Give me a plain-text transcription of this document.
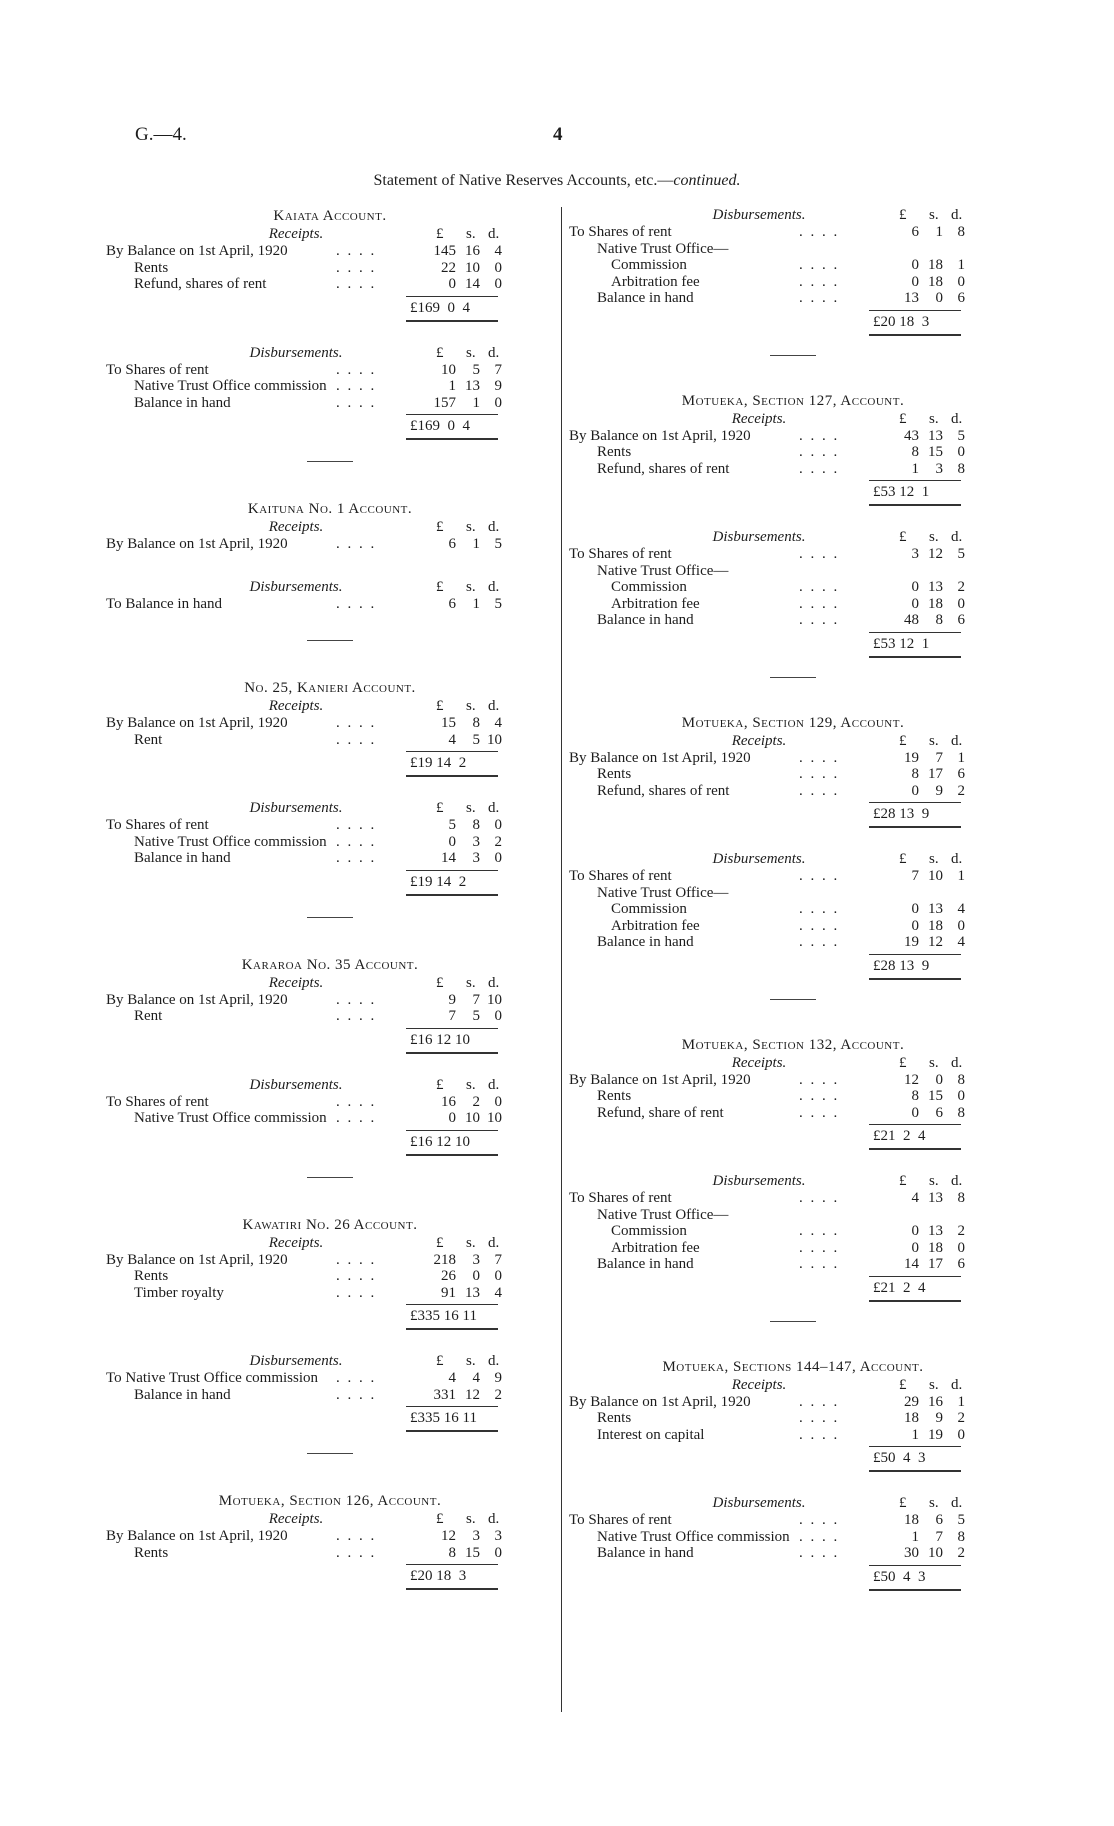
G.—4.	4
Statement of Native Reserves Accounts, etc.—continued.
Kaiata Account.
Receipts.	£ s. d.
By Balance on 1st April, 1920	. . . .	145 16 4
Rents	. . . .	22 10 0
Refund, shares of rent	. . . .	0 14 0
£169  0  4
Disbursements.	£ s. d.
To Shares of rent	. . . .	10 5 7
Native Trust Office commission . . . .	1 13 9
Balance in hand	. . . .	157 1 0
£169  0  4
Kaituna No. 1 Account.
Receipts.	£ s. d.
By Balance on 1st April, 1920	. . . .	6 1 5
Disbursements.	£ s. d.
To Balance in hand	. . . .	6 1 5
No. 25, Kanieri Account.
Receipts.	£ s. d.
By Balance on 1st April, 1920	. . . .	15 8 4
Rent	. . . .	4 5 10
£19 14  2
Disbursements.	£ s. d.
To Shares of rent	. . . .	5 8 0
Native Trust Office commission . . . .	0 3 2
Balance in hand	. . . .	14 3 0
£19 14  2
Kararoa No. 35 Account.
Receipts.	£ s. d.
By Balance on 1st April, 1920	. . . .	9 7 10
Rent	. . . .	7 5 0
£16 12 10
Disbursements.	£ s. d.
To Shares of rent	. . . .	16 2 0
Native Trust Office commission . . . .	0 10 10
£16 12 10
Kawatiri No. 26 Account.
Receipts.	£ s. d.
By Balance on 1st April, 1920	. . . .	218 3 7
Rents	. . . .	26 0 0
Timber royalty	. . . .	91 13 4
£335 16 11
Disbursements.	£ s. d.
To Native Trust Office commission . . . .	4 4 9
Balance in hand	. . . .	331 12 2
£335 16 11
Motueka, Section 126, Account.
Receipts.	£ s. d.
By Balance on 1st April, 1920	. . . .	12 3 3
Rents	. . . .	8 15 0
£20 18  3
Disbursements.	£ s. d.
To Shares of rent	. . . .	6 1 8
Native Trust Office—
Commission	. . . .	0 18 1
Arbitration fee	. . . .	0 18 0
Balance in hand	. . . .	13 0 6
£20 18  3
Motueka, Section 127, Account.
Receipts.	£ s. d.
By Balance on 1st April, 1920	. . . .	43 13 5
Rents	. . . .	8 15 0
Refund, shares of rent	. . . .	1 3 8
£53 12  1
Disbursements.	£ s. d.
To Shares of rent	. . . .	3 12 5
Native Trust Office—
Commission	. . . .	0 13 2
Arbitration fee	. . . .	0 18 0
Balance in hand	. . . .	48 8 6
£53 12  1
Motueka, Section 129, Account.
Receipts.	£ s. d.
By Balance on 1st April, 1920	. . . .	19 7 1
Rents	. . . .	8 17 6
Refund, shares of rent	. . . .	0 9 2
£28 13  9
Disbursements.	£ s. d.
To Shares of rent	. . . .	7 10 1
Native Trust Office—
Commission	. . . .	0 13 4
Arbitration fee	. . . .	0 18 0
Balance in hand	. . . .	19 12 4
£28 13  9
Motueka, Section 132, Account.
Receipts.	£ s. d.
By Balance on 1st April, 1920	. . . .	12 0 8
Rents	. . . .	8 15 0
Refund, share of rent	. . . .	0 6 8
£21  2  4
Disbursements.	£ s. d.
To Shares of rent	. . . .	4 13 8
Native Trust Office—
Commission	. . . .	0 13 2
Arbitration fee	. . . .	0 18 0
Balance in hand	. . . .	14 17 6
£21  2  4
Motueka, Sections 144–147, Account.
Receipts.	£ s. d.
By Balance on 1st April, 1920	. . . .	29 16 1
Rents	. . . .	18 9 2
Interest on capital	. . . .	1 19 0
£50  4  3
Disbursements.	£ s. d.
To Shares of rent	. . . .	18 6 5
Native Trust Office commission . . . .	1 7 8
Balance in hand	. . . .	30 10 2
£50  4  3
